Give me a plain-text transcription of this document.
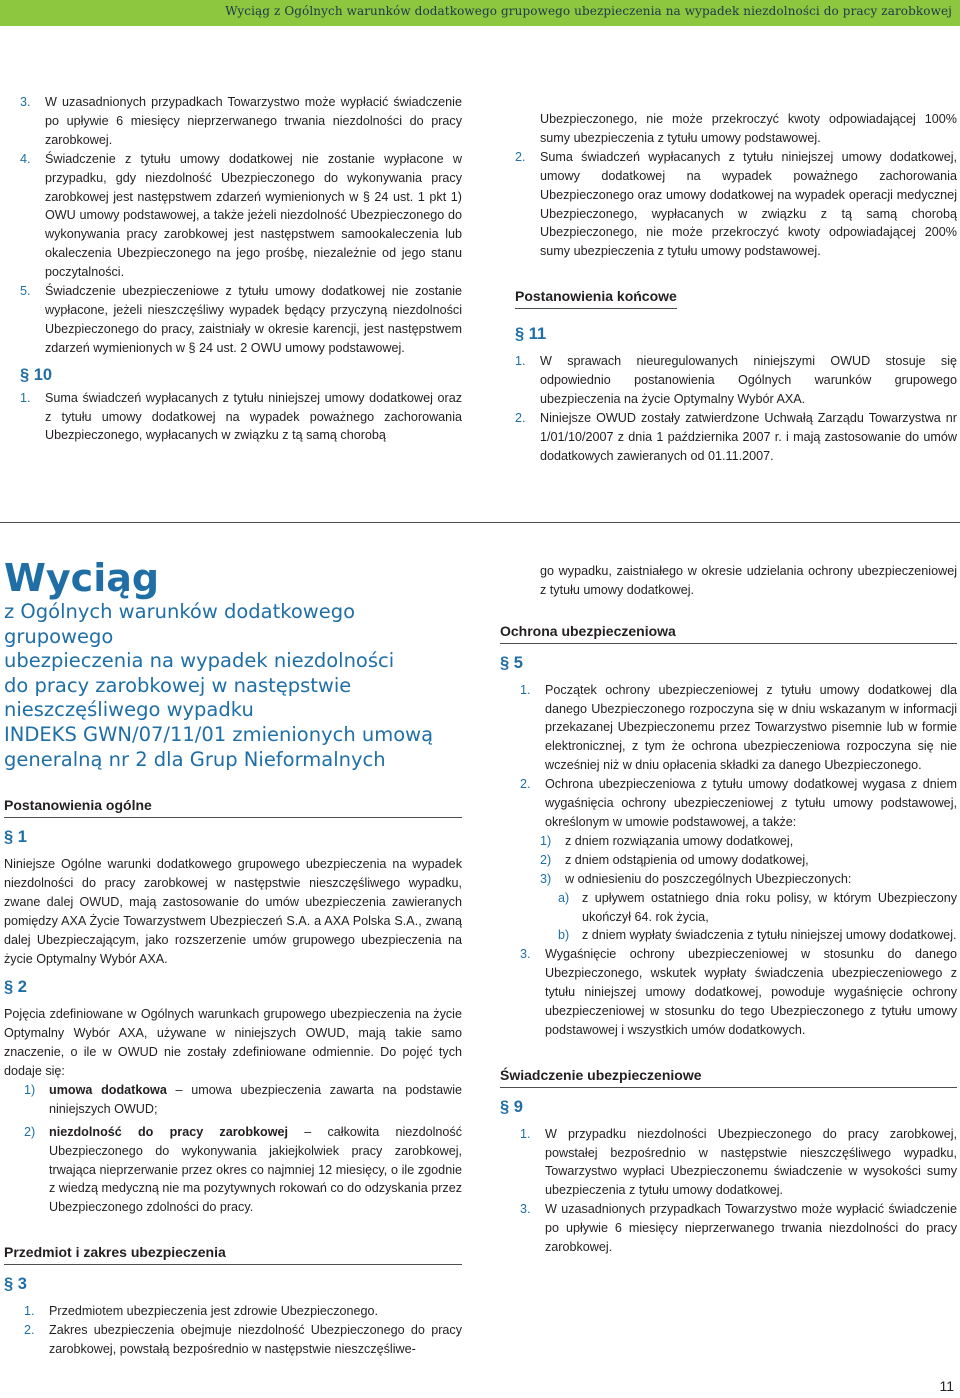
Wyciąg z Ogólnych warunków dodatkowego grupowego ubezpieczenia na wypadek niezdolności do pracy zarobkowej
3. W uzasadnionych przypadkach Towarzystwo może wypłacić świadczenie po upływie 6 miesięcy nieprzerwanego trwania niezdolności do pracy zarobkowej.

4. Świadczenie z tytułu umowy dodatkowej nie zostanie wypłacone w przypadku, gdy niezdolność Ubezpieczonego do wykonywania pracy zarobkowej jest następstwem zdarzeń wymienionych w § 24 ust. 1 pkt 1) OWU umowy podstawowej, a także jeżeli niezdolność Ubezpieczonego do wykonywania pracy zarobkowej jest następstwem samookaleczenia lub okaleczenia Ubezpieczonego na jego prośbę, niezależnie od jego stanu poczytalności.

5. Świadczenie ubezpieczeniowe z tytułu umowy dodatkowej nie zostanie wypłacone, jeżeli nieszczęśliwy wypadek będący przyczyną niezdolności Ubezpieczonego do pracy, zaistniały w okresie karencji, jest następstwem zdarzeń wymienionych w § 24 ust. 2 OWU umowy podstawowej.

§ 10
1. Suma świadczeń wypłacanych z tytułu niniejszej umowy dodatkowej oraz z tytułu umowy dodatkowej na wypadek poważnego zachorowania Ubezpieczonego, wypłacanych w związku z tą samą chorobą

Ubezpieczonego, nie może przekroczyć kwoty odpowiadającej 100% sumy ubezpieczenia z tytułu umowy podstawowej.

2. Suma świadczeń wypłacanych z tytułu niniejszej umowy dodatkowej, umowy dodatkowej na wypadek poważnego zachorowania Ubezpieczonego oraz umowy dodatkowej na wypadek operacji medycznej Ubezpieczonego, wypłacanych w związku z tą samą chorobą Ubezpieczonego, nie może przekroczyć kwoty odpowiadającej 200% sumy ubezpieczenia z tytułu umowy podstawowej.

Postanowienia końcowe
§ 11
1. W sprawach nieuregulowanych niniejszymi OWUD stosuje się odpowiednio postanowienia Ogólnych warunków grupowego ubezpieczenia na życie Optymalny Wybór AXA.

2. Niniejsze OWUD zostały zatwierdzone Uchwałą Zarządu Towarzystwa nr 1/01/10/2007 z dnia 1 października 2007 r. i mają zastosowanie do umów dodatkowych zawieranych od 01.11.2007.

Wyciąg

z Ogólnych warunków dodatkowego grupowego

ubezpieczenia na wypadek niezdolności

do pracy zarobkowej w następstwie

nieszczęśliwego wypadku

INDEKS GWN/07/11/01 zmienionych umową

generalną nr 2 dla Grup Nieformalnych

Postanowienia ogólne
§ 1

Niniejsze Ogólne warunki dodatkowego grupowego ubezpieczenia na wypadek niezdolności do pracy zarobkowej w następstwie nieszczęśliwego wypadku, zwane dalej OWUD, mają zastosowanie do umów ubezpieczenia zawieranych pomiędzy AXA Życie Towarzystwem Ubezpieczeń S.A. a AXA Polska S.A., zwaną dalej Ubezpieczającym, jako rozszerzenie umów grupowego ubezpieczenia na życie Optymalny Wybór AXA.

§ 2

Pojęcia zdefiniowane w Ogólnych warunkach grupowego ubezpieczenia na życie Optymalny Wybór AXA, używane w niniejszych OWUD, mają takie samo znaczenie, o ile w OWUD nie zostały zdefiniowane odmiennie. Do pojęć tych dodaje się:

1) umowa dodatkowa – umowa ubezpieczenia zawarta na podstawie niniejszych OWUD;

2) niezdolność do pracy zarobkowej – całkowita niezdolność Ubezpieczonego do wykonywania jakiejkolwiek pracy zarobkowej, trwająca nieprzerwanie przez okres co najmniej 12 miesięcy, o ile zgodnie z wiedzą medyczną nie ma pozytywnych rokowań co do odzyskania przez Ubezpieczonego zdolności do pracy.

Przedmiot i zakres ubezpieczenia
§ 3
1. Przedmiotem ubezpieczenia jest zdrowie Ubezpieczonego.

2. Zakres ubezpieczenia obejmuje niezdolność Ubezpieczonego do pracy zarobkowej, powstałą bezpośrednio w następstwie nieszczęśliwe-

go wypadku, zaistniałego w okresie udzielania ochrony ubezpieczeniowej z tytułu umowy dodatkowej.

Ochrona ubezpieczeniowa
§ 5
1. Początek ochrony ubezpieczeniowej z tytułu umowy dodatkowej dla danego Ubezpieczonego rozpoczyna się w dniu wskazanym w informacji przekazanej Ubezpieczonemu przez Towarzystwo pisemnie lub w formie elektronicznej, z tym że ochrona ubezpieczeniowa rozpoczyna się nie wcześniej niż w dniu opłacenia składki za danego Ubezpieczonego.

2. Ochrona ubezpieczeniowa z tytułu umowy dodatkowej wygasa z dniem wygaśnięcia ochrony ubezpieczeniowej z tytułu umowy podstawowej, określonym w umowie podstawowej, a także:

1) z dniem rozwiązania umowy dodatkowej,

2) z dniem odstąpienia od umowy dodatkowej,

3) w odniesieniu do poszczególnych Ubezpieczonych:

a) z upływem ostatniego dnia roku polisy, w którym Ubezpieczony ukończył 64. rok życia,

b) z dniem wypłaty świadczenia z tytułu niniejszej umowy dodatkowej.

3. Wygaśnięcie ochrony ubezpieczeniowej w stosunku do danego Ubezpieczonego, wskutek wypłaty świadczenia ubezpieczeniowego z tytułu niniejszej umowy dodatkowej, powoduje wygaśnięcie ochrony ubezpieczeniowej w stosunku do tego Ubezpieczonego z tytułu umowy podstawowej i wszystkich umów dodatkowych.

Świadczenie ubezpieczeniowe
§ 9
1. W przypadku niezdolności Ubezpieczonego do pracy zarobkowej, powstałej bezpośrednio w następstwie nieszczęśliwego wypadku, Towarzystwo wypłaci Ubezpieczonemu świadczenie w wysokości sumy ubezpieczenia z tytułu umowy dodatkowej.

3. W uzasadnionych przypadkach Towarzystwo może wypłacić świadczenie po upływie 6 miesięcy nieprzerwanego trwania niezdolności do pracy zarobkowej.

11
